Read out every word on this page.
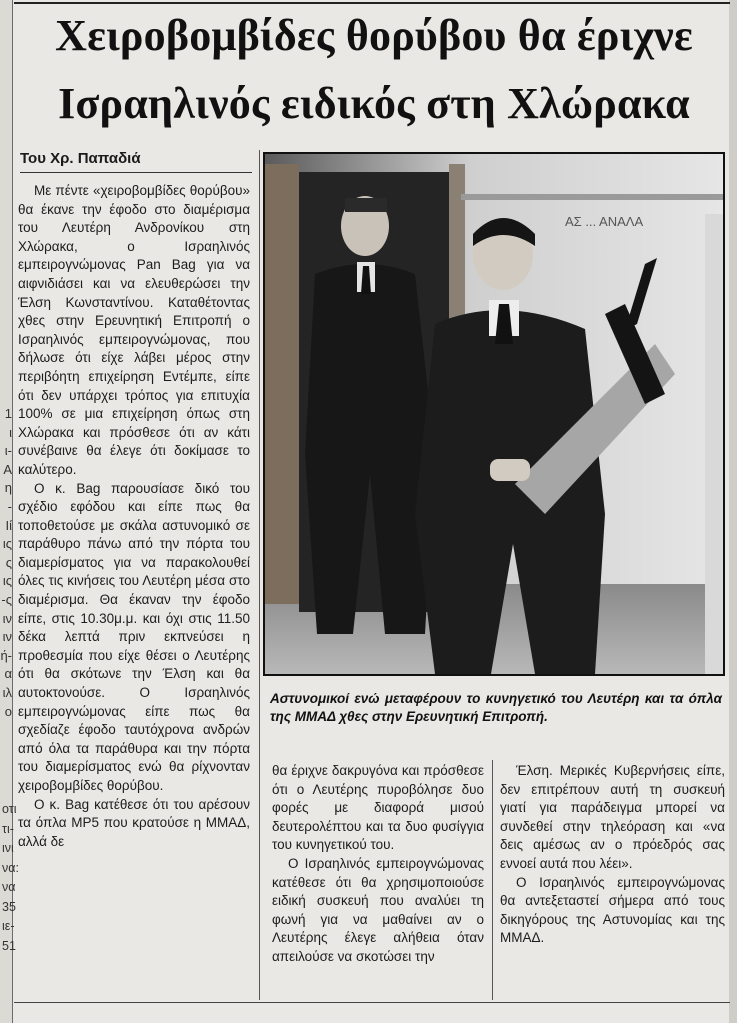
1
ι
ι-
Α
η
-
Ιί
ις
ς
ις
-ς
ιν
ιν
ή-
α
ιλ
ο
οτι
τι-
ινι
να:
να
35
ιε-
51
Χειροβομβίδες θορύβου θα έριχνε
Ισραηλινός ειδικός στη Χλώρακα
Του Χρ. Παπαδιά

Με πέντε «χειροβομβίδες θορύβου» θα έκανε την έφοδο στο διαμέρισμα του Λευτέρη Ανδρονίκου στη Χλώρακα, ο Ισραηλινός εμπειρογνώμονας Pan Bag για να αιφνιδιάσει και να ελευθερώσει την Έλση Κωνσταντίνου. Καταθέτοντας χθες στην Ερευνητική Επιτροπή ο Ισραηλινός εμπειρογνώμονας, που δήλωσε ότι είχε λάβει μέρος στην περιβόητη επιχείρηση Εντέμπε, είπε ότι δεν υπάρχει τρόπος για επιτυχία 100% σε μια επιχείρηση όπως στη Χλώρακα και πρόσθεσε ότι αν κάτι συνέβαινε θα έλεγε ότι δοκίμασε το καλύτερο.

Ο κ. Bag παρουσίασε δικό του σχέδιο εφόδου και είπε πως θα τοποθετούσε με σκάλα αστυνομικό σε παράθυρο πάνω από την πόρτα του διαμερίσματος για να παρακολουθεί όλες τις κινήσεις του Λευτέρη μέσα στο διαμέρισμα. Θα έκαναν την έφοδο είπε, στις 10.30μ.μ. και όχι στις 11.50 δέκα λεπτά πριν εκπνεύσει η προθεσμία που είχε θέσει ο Λευτέρης ότι θα σκότωνε την Έλση και θα αυτοκτονούσε. Ο Ισραηλινός εμπειρογνώμονας είπε πως θα σχεδίαζε έφοδο ταυτόχρονα ανδρών από όλα τα παράθυρα και την πόρτα του διαμερίσματος ενώ θα ρίχνονταν χειροβομβίδες θορύβου.

Ο κ. Bag κατέθεσε ότι του αρέσουν τα όπλα MP5 που κρατούσε η ΜΜΑΔ, αλλά δε

ΑΣ ... ΑΝΑΛΑ
Αστυνομικοί ενώ μεταφέρουν το κυνηγετικό του Λευτέρη και τα όπλα της ΜΜΑΔ χθες στην Ερευνητική Επιτροπή.

θα έριχνε δακρυγόνα και πρόσθεσε ότι ο Λευτέρης πυροβόλησε δυο φορές με διαφορά μισού δευτερολέπτου και τα δυο φυσίγγια του κυνηγετικού του.

Ο Ισραηλινός εμπειρογνώμονας κατέθεσε ότι θα χρησιμοποιούσε ειδική συσκευή που αναλύει τη φωνή για να μαθαίνει αν ο Λευτέρης έλεγε αλήθεια όταν απειλούσε να σκοτώσει την

Έλση. Μερικές Κυβερνήσεις είπε, δεν επιτρέπουν αυτή τη συσκευή γιατί για παράδειγμα μπορεί να συνδεθεί στην τηλεόραση και «να δεις αμέσως αν ο πρόεδρός σας εννοεί αυτά που λέει».

Ο Ισραηλινός εμπειρογνώμονας θα αντεξεταστεί σήμερα από τους δικηγόρους της Αστυνομίας και της ΜΜΑΔ.
